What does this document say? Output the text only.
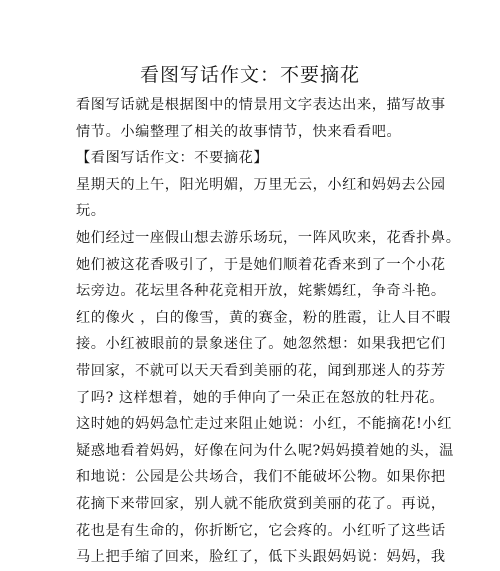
看图写话作文：不要摘花
看图写话就是根据图中的情景用文字表达出来，描写故事
情节。小编整理了相关的故事情节，快来看看吧。
【看图写话作文：不要摘花】
星期天的上午，阳光明媚，万里无云，小红和妈妈去公园
玩。
她们经过一座假山想去游乐场玩，一阵风吹来，花香扑鼻。
她们被这花香吸引了，于是她们顺着花香来到了一个小花
坛旁边。花坛里各种花竞相开放，姹紫嫣红，争奇斗艳。
红的像火 ，白的像雪，黄的赛金，粉的胜霞，让人目不暇
接。小红被眼前的景象迷住了。她忽然想：如果我把它们
带回家，不就可以天天看到美丽的花，闻到那迷人的芬芳
了吗? 这样想着，她的手伸向了一朵正在怒放的牡丹花。
这时她的妈妈急忙走过来阻止她说：小红，不能摘花!小红
疑惑地看着妈妈，好像在问为什么呢?妈妈摸着她的头，温
和地说：公园是公共场合，我们不能破坏公物。如果你把
花摘下来带回家，别人就不能欣赏到美丽的花了。再说，
花也是有生命的，你折断它，它会疼的。小红听了这些话
马上把手缩了回来，脸红了，低下头跟妈妈说：妈妈，我
